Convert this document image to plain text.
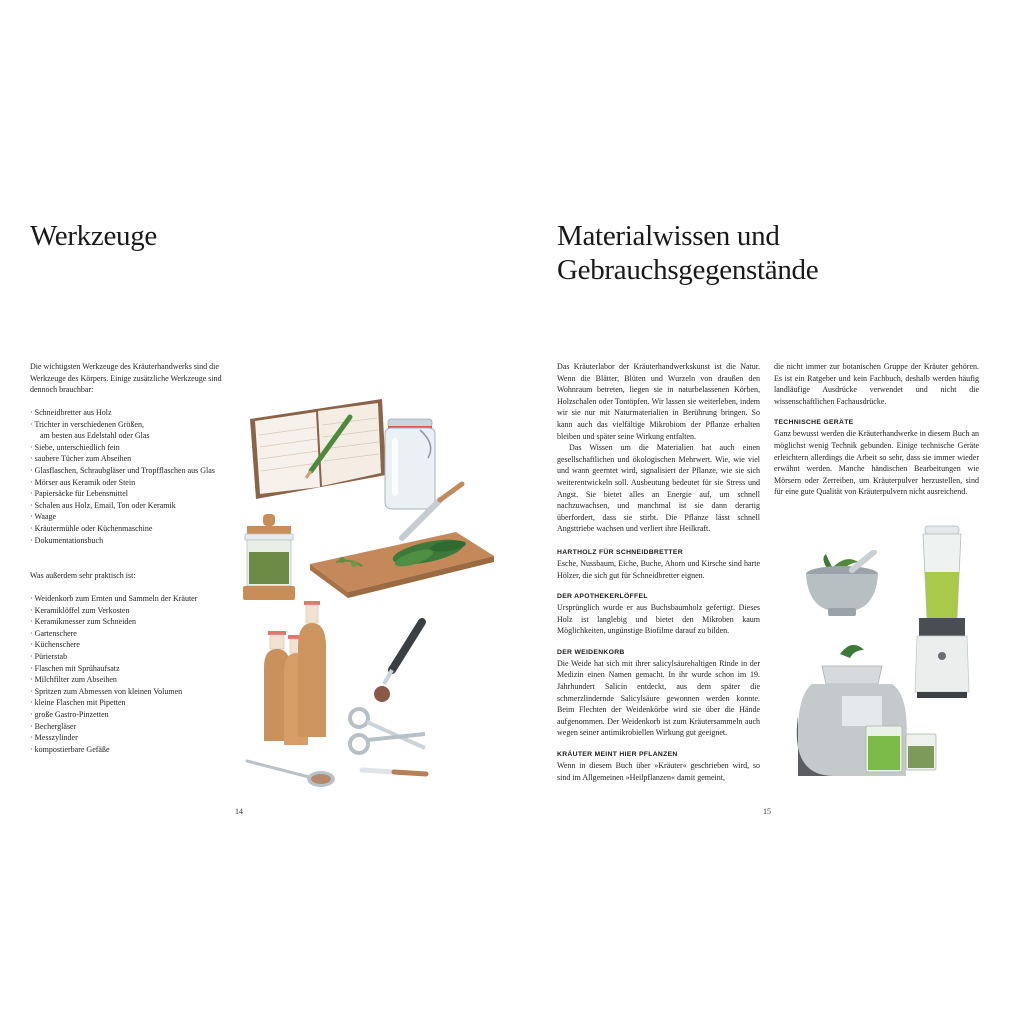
Werkzeuge

Die wichtigsten Werkzeuge des Kräuterhandwerks sind die Werkzeuge des Körpers. Einige zusätzliche Werkzeuge sind dennoch brauchbar:

· Schneidbretter aus Holz
· Trichter in verschiedenen Größen,
am besten aus Edelstahl oder Glas
· Siebe, unterschiedlich fein
· saubere Tücher zum Abseihen
· Glasflaschen, Schraubgläser und Tropfflaschen aus Glas
· Mörser aus Keramik oder Stein
· Papiersäcke für Lebensmittel
· Schalen aus Holz, Email, Ton oder Keramik
· Waage
· Kräutermühle oder Küchenmaschine
· Dokumentationsbuch

Was außerdem sehr praktisch ist:

· Weidenkorb zum Ernten und Sammeln der Kräuter
· Keramiklöffel zum Verkosten
· Keramikmesser zum Schneiden
· Gartenschere
· Küchenschere
· Pürierstab
· Flaschen mit Sprühaufsatz
· Milchfilter zum Abseihen
· Spritzen zum Abmessen von kleinen Volumen
· kleine Flaschen mit Pipetten
· große Gastro-Pinzetten
· Bechergläser
· Messzylinder
· kompostierbare Gefäße
14
Materialwissen und Gebrauchsgegenstände

Das Kräuterlabor der Kräuterhandwerkskunst ist die Natur. Wenn die Blätter, Blüten und Wurzeln von draußen den Wohnraum betreten, liegen sie in naturbelassenen Körben, Holzschalen oder Tontöpfen. Wir lassen sie weiterleben, indem wir sie nur mit Naturmaterialien in Berührung bringen. So kann auch das vielfältige Mikrobiom der Pflanze erhalten bleiben und später seine Wirkung entfalten.

Das Wissen um die Materialien hat auch einen gesellschaftlichen und ökologischen Mehrwert. Wie, wie viel und wann geerntet wird, signalisiert der Pflanze, wie sie sich weiterentwickeln soll. Ausbeutung bedeutet für sie Stress und Angst. Sie bietet alles an Energie auf, um schnell nachzuwachsen, und manchmal ist sie dann derartig überfordert, dass sie stirbt. Die Pflanze lässt schnell Angsttriebe wachsen und verliert ihre Heilkraft.

HARTHOLZ FÜR SCHNEIDBRETTER

Esche, Nussbaum, Eiche, Buche, Ahorn und Kirsche sind harte Hölzer, die sich gut für Schneidbretter eignen.

DER APOTHEKERLÖFFEL

Ursprünglich wurde er aus Buchsbaumholz gefertigt. Dieses Holz ist langlebig und bietet den Mikroben kaum Möglichkeiten, ungünstige Biofilme darauf zu bilden.

DER WEIDENKORB

Die Weide hat sich mit ihrer salicylsäurehaltigen Rinde in der Medizin einen Namen gemacht. In ihr wurde schon im 19. Jahrhundert Salicin entdeckt, aus dem später die schmerzlindernde Salicylsäure gewonnen werden konnte. Beim Flechten der Weidenkörbe wird sie über die Hände aufgenommen. Der Weidenkorb ist zum Kräutersammeln auch wegen seiner antimikrobiellen Wirkung gut geeignet.

KRÄUTER MEINT HIER PFLANZEN

Wenn in diesem Buch über »Kräuter« geschrieben wird, so sind im Allgemeinen »Heilpflanzen« damit gemeint,

die nicht immer zur botanischen Gruppe der Kräuter gehören. Es ist ein Ratgeber und kein Fachbuch, deshalb werden häufig landläufige Ausdrücke verwendet und nicht die wissenschaftlichen Fachausdrücke.

TECHNISCHE GERÄTE

Ganz bewusst werden die Kräuterhandwerke in diesem Buch an möglichst wenig Technik gebunden. Einige technische Geräte erleichtern allerdings die Arbeit so sehr, dass sie immer wieder erwähnt werden. Manche händischen Bearbeitungen wie Mörsern oder Zerreiben, um Kräuterpulver herzustellen, sind für eine gute Qualität von Kräuterpulvern nicht ausreichend.

15
